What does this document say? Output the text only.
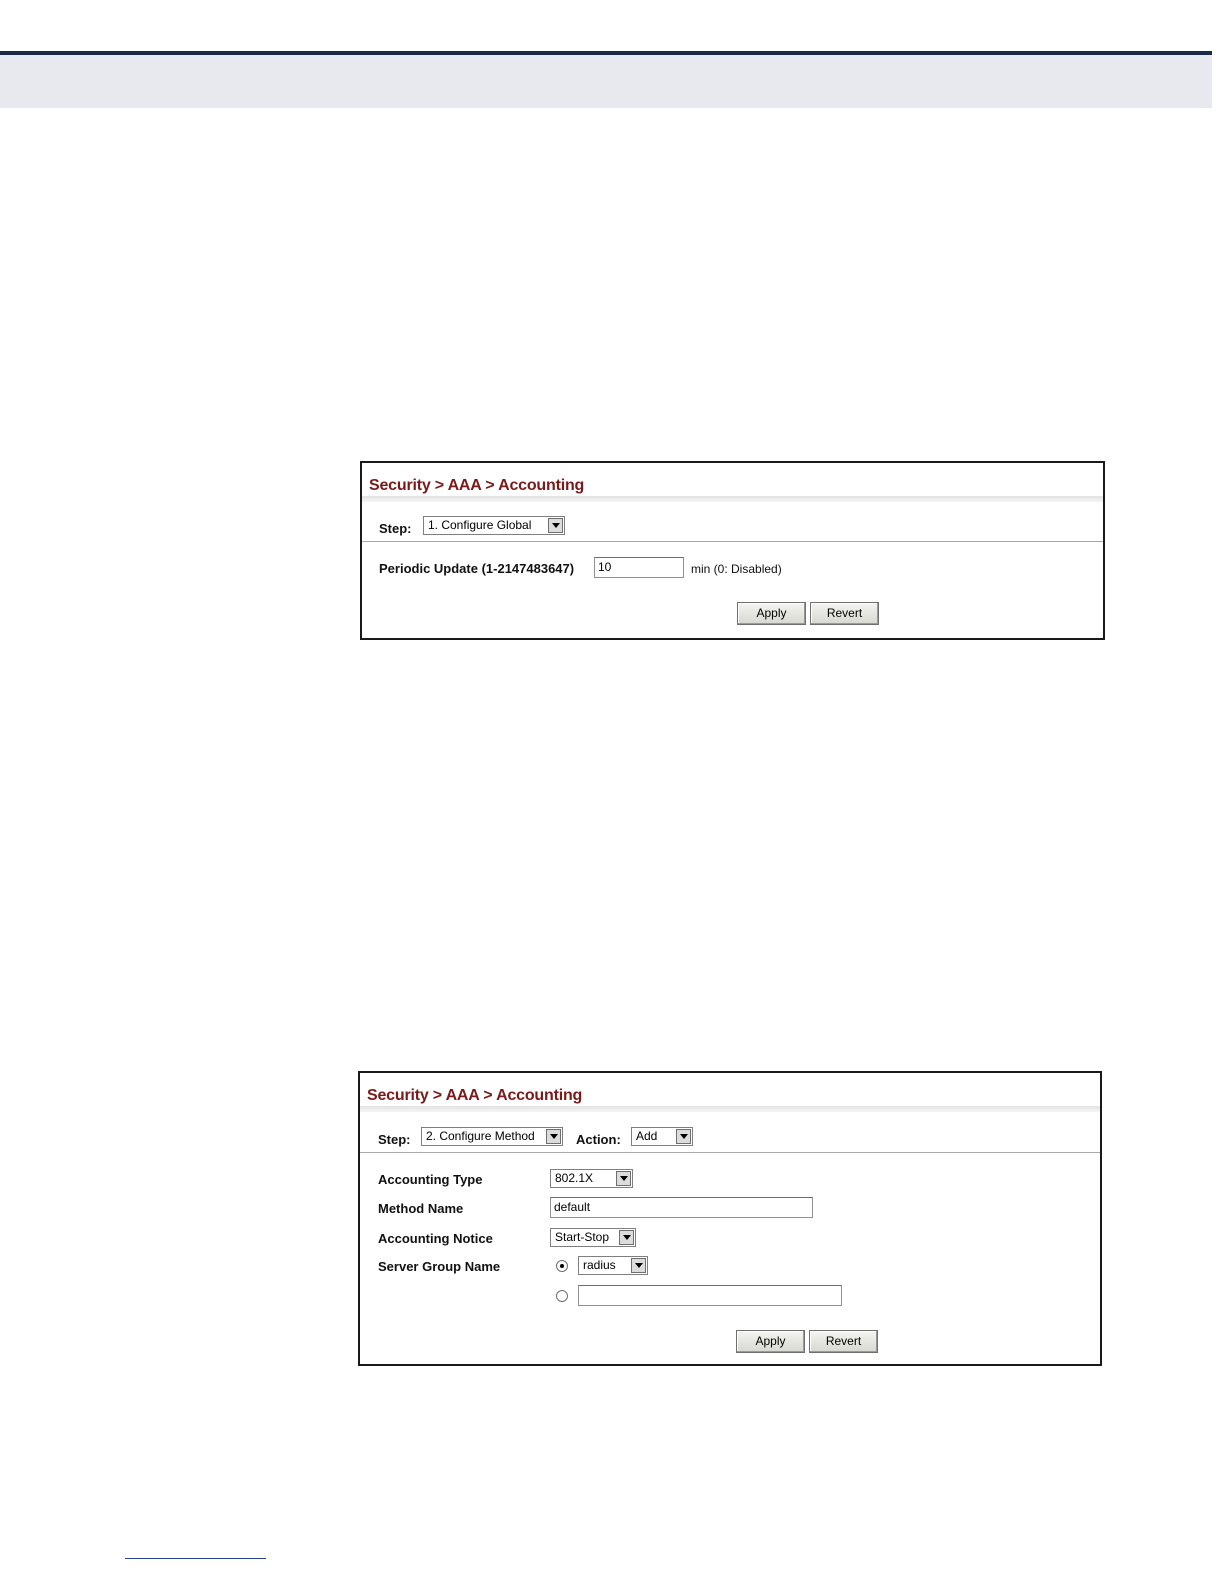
Security > AAA > Accounting
Step:	1. Configure Global
Periodic Update (1-2147483647)	10	min (0: Disabled)
Apply	Revert
Security > AAA > Accounting
Step:	2. Configure Method	Action:	Add
Accounting Type	802.1X
Method Name	default
Accounting Notice	Start-Stop
Server Group Name	radius
Apply	Revert
